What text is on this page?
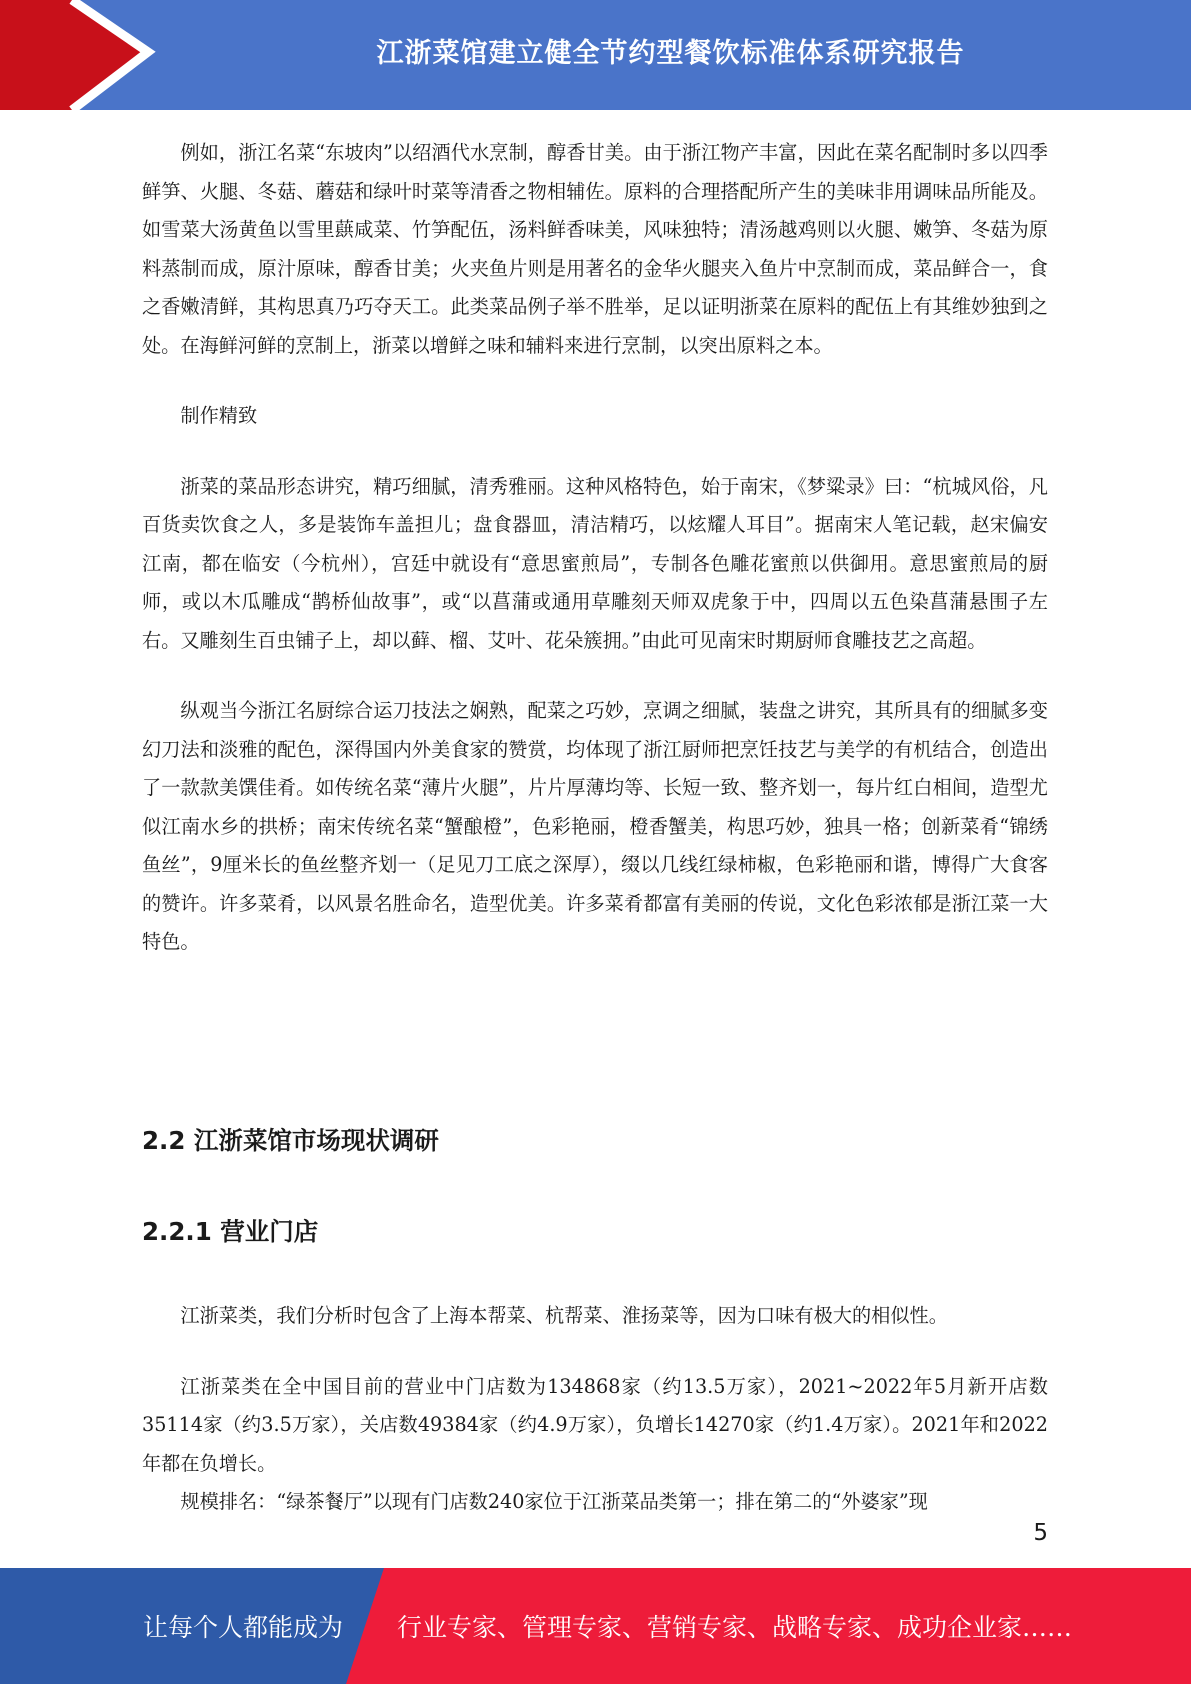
江浙菜馆建立健全节约型餐饮标准体系研究报告

例如，浙江名菜“东坡肉”以绍酒代水烹制，醇香甘美。由于浙江物产丰富，因此在菜名配制时多以四季鲜笋、火腿、冬菇、蘑菇和绿叶时菜等清香之物相辅佐。原料的合理搭配所产生的美味非用调味品所能及。如雪菜大汤黄鱼以雪里蕻咸菜、竹笋配伍，汤料鲜香味美，风味独特；清汤越鸡则以火腿、嫩笋、冬菇为原料蒸制而成，原汁原味，醇香甘美；火夹鱼片则是用著名的金华火腿夹入鱼片中烹制而成，菜品鲜合一，食之香嫩清鲜，其构思真乃巧夺天工。此类菜品例子举不胜举，足以证明浙菜在原料的配伍上有其维妙独到之处。在海鲜河鲜的烹制上，浙菜以增鲜之味和辅料来进行烹制，以突出原料之本。

制作精致

浙菜的菜品形态讲究，精巧细腻，清秀雅丽。这种风格特色，始于南宋，《梦粱录》曰：“杭城风俗，凡百货卖饮食之人，多是装饰车盖担儿；盘食器皿，清洁精巧，以炫耀人耳目”。据南宋人笔记载，赵宋偏安江南，都在临安（今杭州），宫廷中就设有“意思蜜煎局”，专制各色雕花蜜煎以供御用。意思蜜煎局的厨师，或以木瓜雕成“鹊桥仙故事”，或“以菖蒲或通用草雕刻天师双虎象于中，四周以五色染菖蒲悬围子左右。又雕刻生百虫铺子上，却以藓、榴、艾叶、花朵簇拥。”由此可见南宋时期厨师食雕技艺之高超。

纵观当今浙江名厨综合运刀技法之娴熟，配菜之巧妙，烹调之细腻，装盘之讲究，其所具有的细腻多变幻刀法和淡雅的配色，深得国内外美食家的赞赏，均体现了浙江厨师把烹饪技艺与美学的有机结合，创造出了一款款美馔佳肴。如传统名菜“薄片火腿”，片片厚薄均等、长短一致、整齐划一，每片红白相间，造型尤似江南水乡的拱桥；南宋传统名菜“蟹酿橙”，色彩艳丽，橙香蟹美，构思巧妙，独具一格；创新菜肴“锦绣鱼丝”，9厘米长的鱼丝整齐划一（足见刀工底之深厚），缀以几线红绿柿椒，色彩艳丽和谐，博得广大食客的赞许。许多菜肴，以风景名胜命名，造型优美。许多菜肴都富有美丽的传说，文化色彩浓郁是浙江菜一大特色。

2.2 江浙菜馆市场现状调研
2.2.1 营业门店

江浙菜类，我们分析时包含了上海本帮菜、杭帮菜、淮扬菜等，因为口味有极大的相似性。

江浙菜类在全中国目前的营业中门店数为134868家（约13.5万家），2021~2022年5月新开店数35114家（约3.5万家），关店数49384家（约4.9万家），负增长14270家（约1.4万家）。2021年和2022年都在负增长。

规模排名：“绿茶餐厅”以现有门店数240家位于江浙菜品类第一；排在第二的“外婆家”现

5
让每个人都能成为 行业专家、管理专家、营销专家、战略专家、成功企业家……
